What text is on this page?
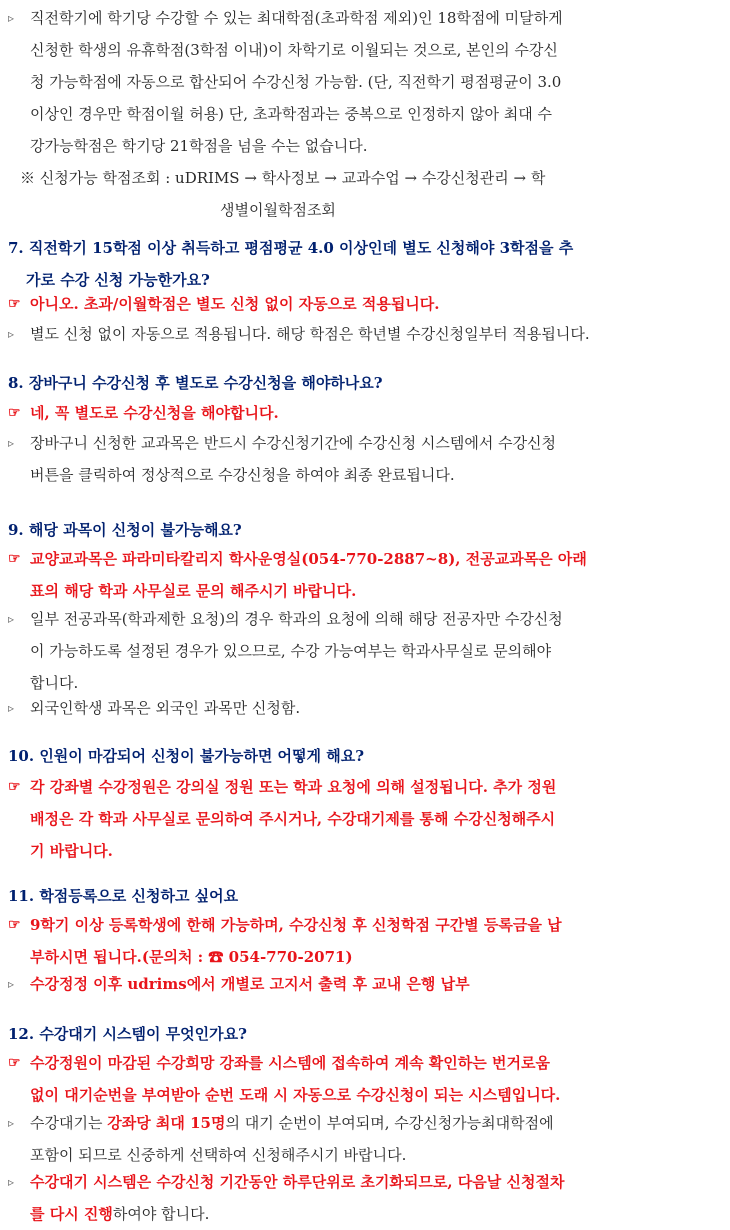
▹	직전학기에 학기당 수강할 수 있는 최대학점(초과학점 제외)인 18학점에 미달하게
신청한 학생의 유휴학점(3학점 이내)이 차학기로 이월되는 것으로, 본인의 수강신
청 가능학점에 자동으로 합산되어 수강신청 가능함. (단, 직전학기 평점평균이 3.0
이상인 경우만 학점이월 허용) 단, 초과학점과는 중복으로 인정하지 않아 최대 수
강가능학점은 학기당 21학점을 넘을 수는 없습니다.
※ 신청가능 학점조회 : uDRIMS → 학사정보 → 교과수업 → 수강신청관리 → 학
생별이월학점조회
7. 직전학기 15학점 이상 취득하고 평점평균 4.0 이상인데 별도 신청해야 3학점을 추
가로 수강 신청 가능한가요?
☞ 아니오. 초과/이월학점은 별도 신청 없이 자동으로 적용됩니다.
▹	별도 신청 없이 자동으로 적용됩니다. 해당 학점은 학년별 수강신청일부터 적용됩니다.
8. 장바구니 수강신청 후 별도로 수강신청을 해야하나요?
☞ 네, 꼭 별도로 수강신청을 해야합니다.
▹	장바구니 신청한 교과목은 반드시 수강신청기간에 수강신청 시스템에서 수강신청
버튼을 클릭하여 정상적으로 수강신청을 하여야 최종 완료됩니다.
9. 해당 과목이 신청이 불가능해요?
☞ 교양교과목은 파라미타칼리지 학사운영실(054-770-2887~8), 전공교과목은 아래
표의 해당 학과 사무실로 문의 해주시기 바랍니다.
▹	일부 전공과목(학과제한 요청)의 경우 학과의 요청에 의해 해당 전공자만 수강신청
이 가능하도록 설정된 경우가 있으므로, 수강 가능여부는 학과사무실로 문의해야
합니다.
▹	외국인학생 과목은 외국인 과목만 신청함.
10. 인원이 마감되어 신청이 불가능하면 어떻게 해요?
☞ 각 강좌별 수강정원은 강의실 정원 또는 학과 요청에 의해 설정됩니다. 추가 정원
배정은 각 학과 사무실로 문의하여 주시거나, 수강대기제를 통해 수강신청해주시
기 바랍니다.
11. 학점등록으로 신청하고 싶어요
☞ 9학기 이상 등록학생에 한해 가능하며, 수강신청 후 신청학점 구간별 등록금을 납
부하시면 됩니다.(문의처 : ☎ 054-770-2071)
▹	수강정정 이후 udrims에서 개별로 고지서 출력 후 교내 은행 납부
12. 수강대기 시스템이 무엇인가요?
☞ 수강정원이 마감된 수강희망 강좌를 시스템에 접속하여 계속 확인하는 번거로움
없이 대기순번을 부여받아 순번 도래 시 자동으로 수강신청이 되는 시스템입니다.
▹	수강대기는 강좌당 최대 15명의 대기 순번이 부여되며, 수강신청가능최대학점에
포함이 되므로 신중하게 선택하여 신청해주시기 바랍니다.
▹	수강대기 시스템은 수강신청 기간동안 하루단위로 초기화되므로, 다음날 신청절차
를 다시 진행하여야 합니다.
